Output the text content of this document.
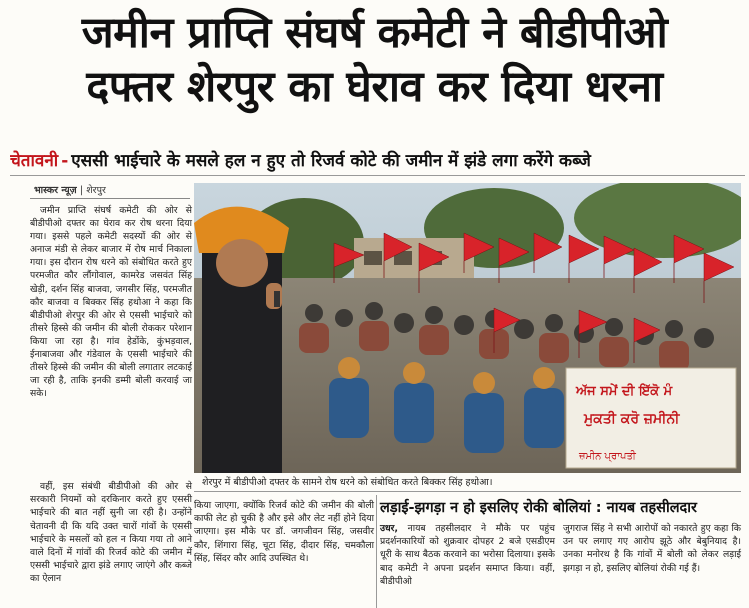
जमीन प्राप्ति संघर्ष कमेटी ने बीडीपीओ
दफ्तर शेरपुर का घेराव कर दिया धरना
चेतावनी - एससी भाईचारे के मसले हल न हुए तो रिजर्व कोटे की जमीन में झंडे लगा करेंगे कब्जे
भास्कर न्यूज़ | शेरपुर

जमीन प्राप्ति संघर्ष कमेटी की ओर से बीडीपीओ दफ्तर का घेराव कर रोष धरना दिया गया। इससे पहले कमेटी सदस्यों की ओर से अनाज मंडी से लेकर बाजार में रोष मार्च निकाला गया। इस दौरान रोष धरने को संबोधित करते हुए परमजीत कौर लौंगोवाल, कामरेड जसवंत सिंह खेड़ी, दर्शन सिंह बाजवा, जगसीर सिंह, परमजीत कौर बाजवा व बिक्कर सिंह हथोआ ने कहा कि बीडीपीओ शेरपुर की ओर से एससी भाईचारे को तीसरे हिस्से की जमीन की बोली रोककर परेशान किया जा रहा है। गांव हेडोंके, कुंभड़वाल, ईनाबाजवा और गंडेवाल के एससी भाईचारे की तीसरे हिस्से की जमीन की बोली लगातार लटकाई जा रही है, ताकि इनकी डम्मी बोली करवाई जा सके।

वहीं, इस संबंधी बीडीपीओ की ओर से सरकारी नियमों को दरकिनार करते हुए एससी भाईचारे की बात नहीं सुनी जा रही है। उन्होंने चेतावनी दी कि यदि उक्त चारों गांवों के एससी भाईचारे के मसलों को हल न किया गया तो आने वाले दिनों में गांवों की रिजर्व कोटे की जमीन में एससी भाईचारे द्वारा झंडे लगाए जाएंगे और कब्जे का ऐलान

ਅੱਜ ਸਮੇਂ ਦੀ ਇੱਕੋ ਮੰ
ਮੁਕਤੀ ਕਰੋ ਜ਼ਮੀਨੀ
ਜ਼ਮੀਨ ਪ੍ਰਾਪਤੀ
शेरपुर में बीडीपीओ दफ्तर के सामने रोष धरने को संबोधित करते बिक्कर सिंह हथोआ।

किया जाएगा, क्योंकि रिजर्व कोटे की जमीन की बोली काफी लेट हो चुकी है और इसे और लेट नहीं होने दिया जाएगा। इस मौके पर डॉ. जगजीवन सिंह, जसवीर कौर, शिंगारा सिंह, चूटा सिंह, दीदार सिंह, चमकौला सिंह, सिंदर कौर आदि उपस्थित थे।

लड़ाई-झगड़ा न हो इसलिए रोकी बोलियां : नायब तहसीलदार
उधर, नायब तहसीलदार ने मौके पर पहुंच प्रदर्शनकारियों को शुक्रवार दोपहर 2 बजे एसडीएम धूरी के साथ बैठक करवाने का भरोसा दिलाया। इसके बाद कमेटी ने अपना प्रदर्शन समाप्त किया। वहीं, बीडीपीओ
जुगराज सिंह ने सभी आरोपों को नकारते हुए कहा कि उन पर लगाए गए आरोप झूठे और बेबुनियाद है। उनका मनोरथ है कि गांवों में बोली को लेकर लड़ाई झगड़ा न हो, इसलिए बोलियां रोकी गई हैं।
